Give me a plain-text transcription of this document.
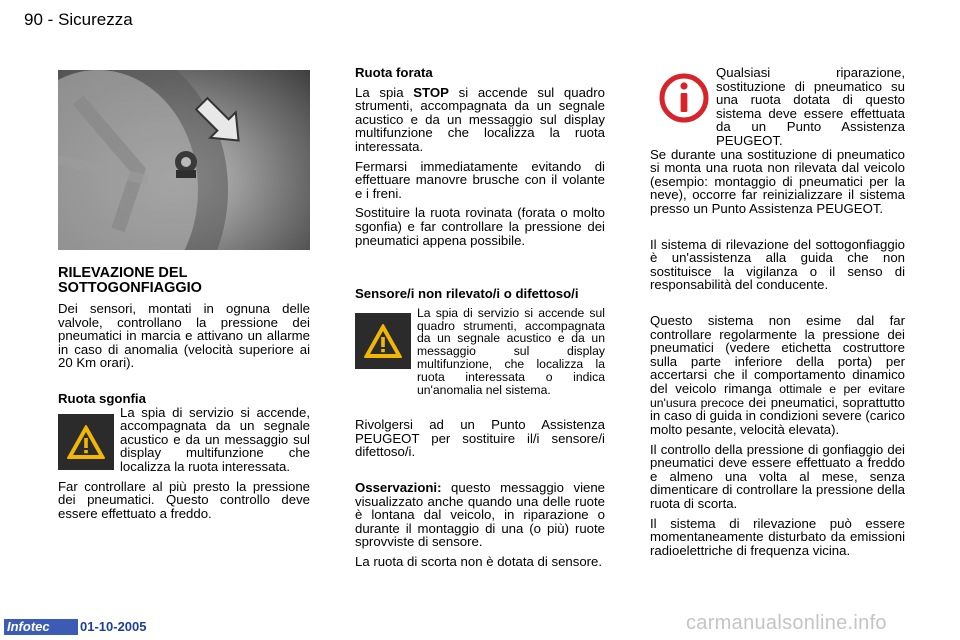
90 - Sicurezza
RILEVAZIONE DEL
SOTTOGONFIAGGIO

Dei sensori, montati in ognuna delle valvole, controllano la pressione dei pneumatici in marcia e attivano un allarme in caso di anomalia (velocità superiore ai 20 Km orari).

Ruota sgonfia

La spia di servizio si accende, accompagnata da un segnale acustico e da un messaggio sul display multifunzione che localizza la ruota interessata.

Far controllare al più presto la pressione dei pneumatici. Questo controllo deve essere effettuato a freddo.

Ruota forata

La spia STOP si accende sul quadro strumenti, accompagnata da un segnale acustico e da un messaggio sul display multifunzione che localizza la ruota interessata.

Fermarsi immediatamente evitando di effettuare manovre brusche con il volante e i freni.

Sostituire la ruota rovinata (forata o molto sgonfia) e far controllare la pressione dei pneumatici appena possibile.

Sensore/i non rilevato/i o difettoso/i

La spia di servizio si accende sul quadro strumenti, accompagnata da un segnale acustico e da un messaggio sul display multifunzione, che localizza la ruota interessata o indica un'anomalia nel sistema.

Rivolgersi ad un Punto Assistenza PEUGEOT per sostituire il/i sensore/i difettoso/i.

Osservazioni: questo messaggio viene visualizzato anche quando una delle ruote è lontana dal veicolo, in riparazione o durante il montaggio di una (o più) ruote sprovviste di sensore.

La ruota di scorta non è dotata di sensore.

Qualsiasi riparazione, sostituzione di pneumatico su una ruota dotata di questo sistema deve essere effettuata da un Punto Assistenza PEUGEOT.

Se durante una sostituzione di pneumatico si monta una ruota non rilevata dal veicolo (esempio: montaggio di pneumatici per la neve), occorre far reinizializzare il sistema presso un Punto Assistenza PEUGEOT.

Il sistema di rilevazione del sottogonfiaggio è un'assistenza alla guida che non sostituisce la vigilanza o il senso di responsabilità del conducente.

Questo sistema non esime dal far controllare regolarmente la pressione dei pneumatici (vedere etichetta costruttore sulla parte inferiore della porta) per accertarsi che il comportamento dinamico del veicolo rimanga ottimale e per evitare un'usura precoce dei pneumatici, soprattutto in caso di guida in condizioni severe (carico molto pesante, velocità elevata).

Il controllo della pressione di gonfiaggio dei pneumatici deve essere effettuato a freddo e almeno una volta al mese, senza dimenticare di controllare la pressione della ruota di scorta.

Il sistema di rilevazione può essere momentaneamente disturbato da emissioni radioelettriche di frequenza vicina.

Infotec	01-10-2005	carmanualsonline.info
